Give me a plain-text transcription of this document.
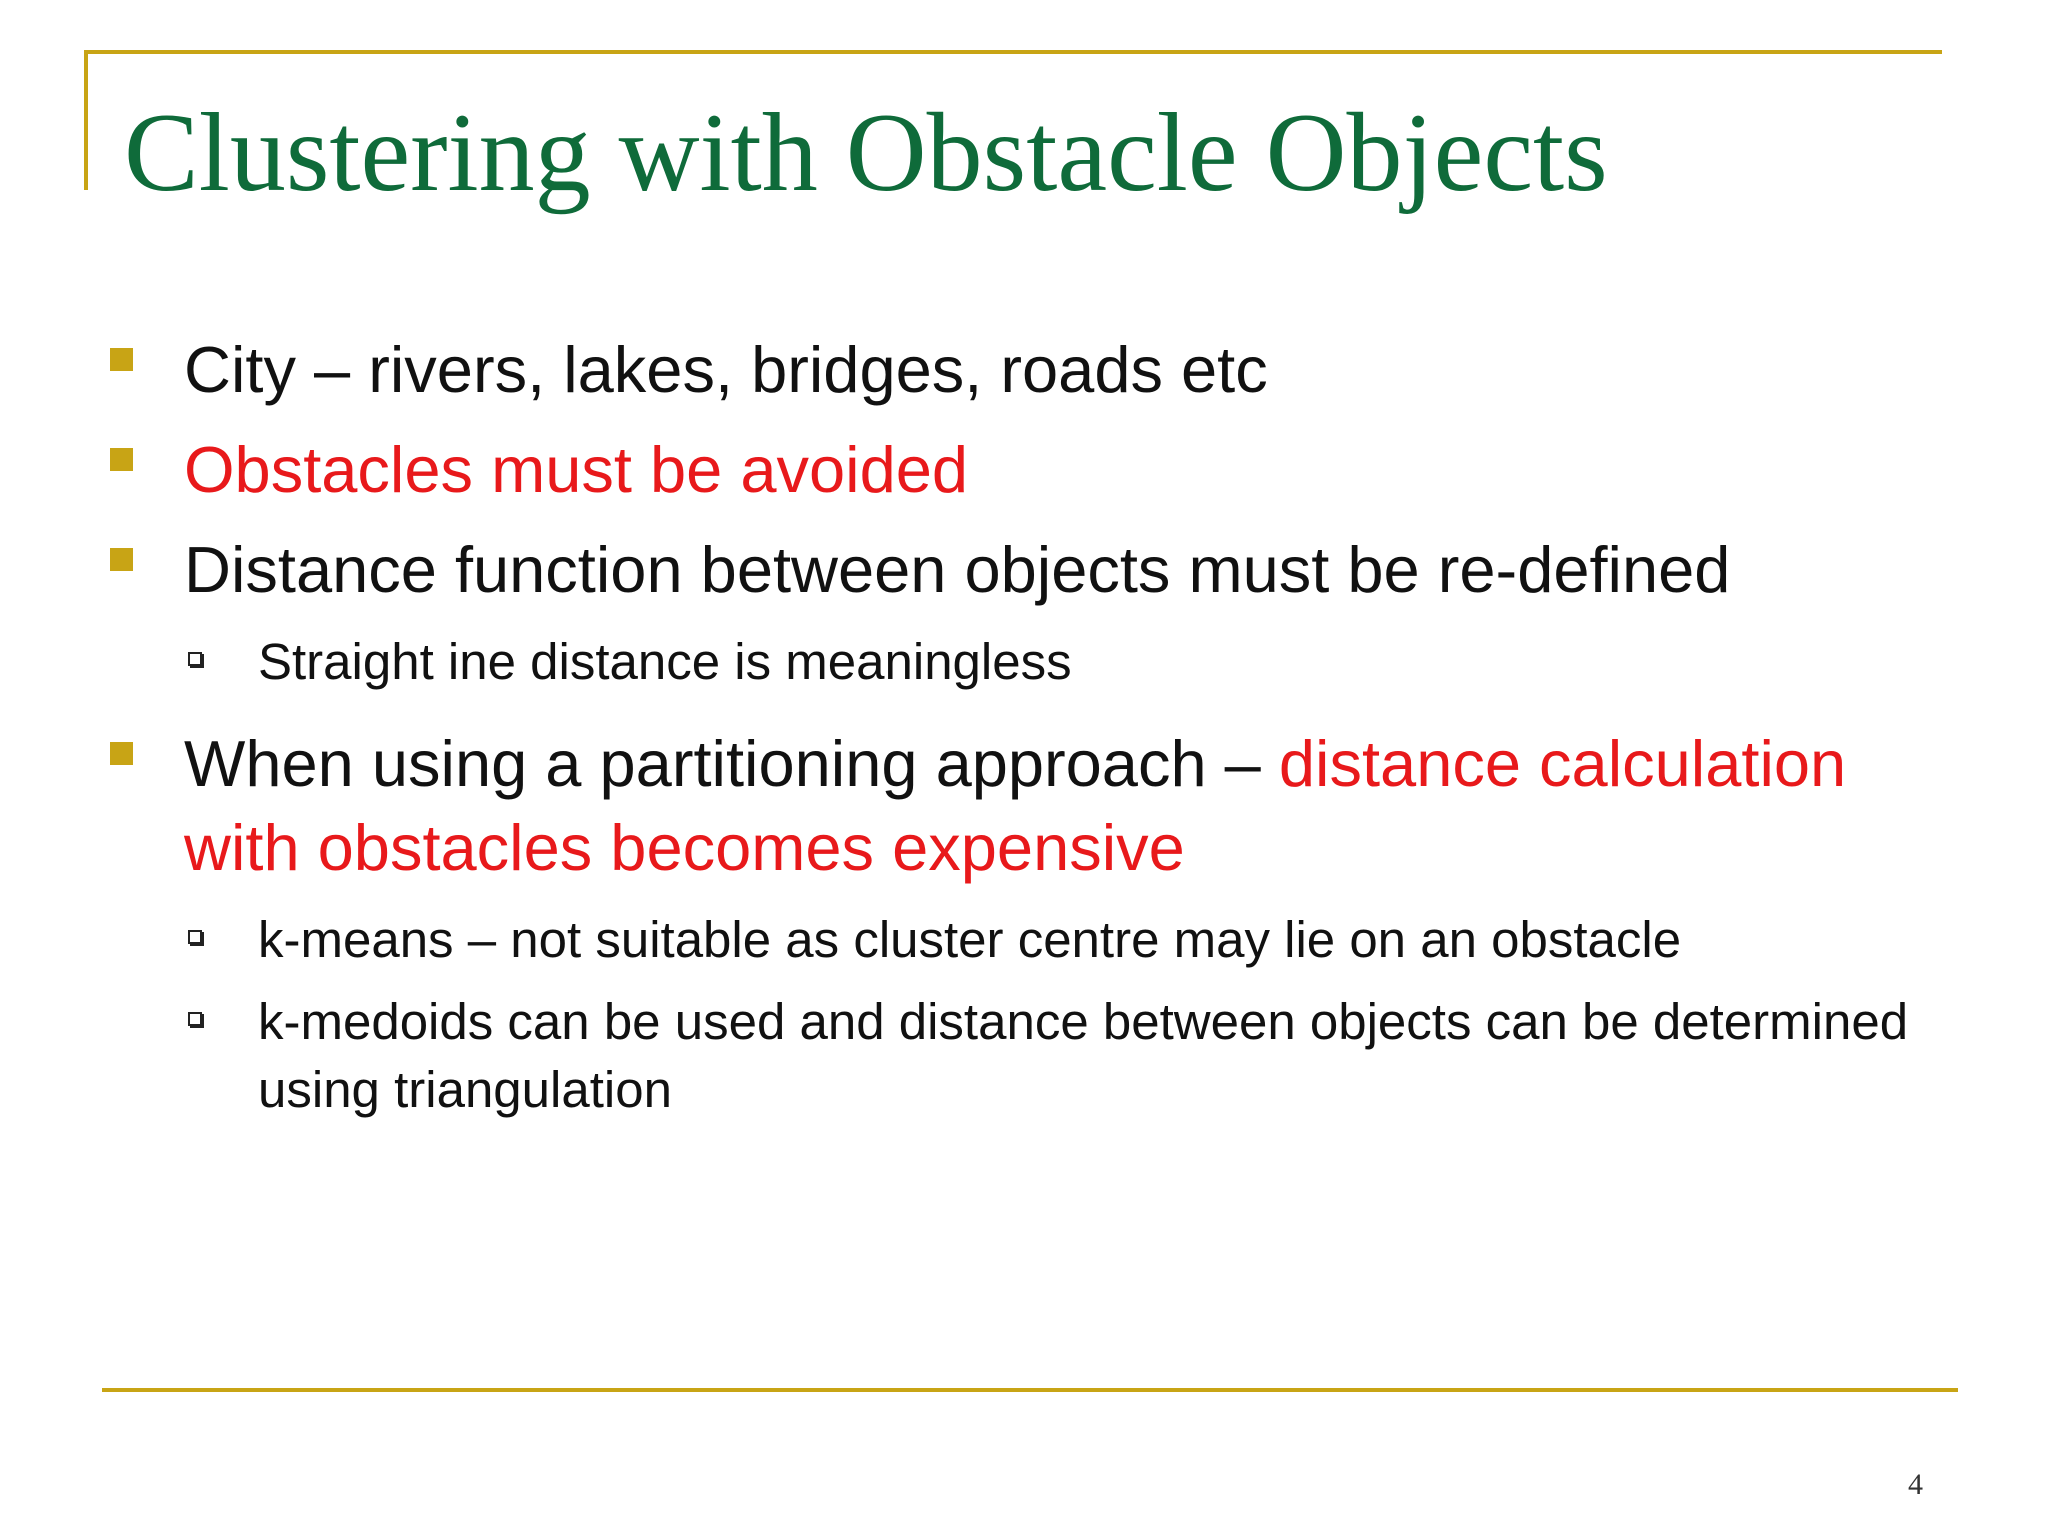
Clustering with Obstacle Objects
City – rivers, lakes, bridges, roads etc
Obstacles must be avoided
Distance function between objects must be re-defined
Straight ine distance is meaningless
When using a partitioning approach – distance calculation with obstacles becomes expensive
k-means – not suitable as cluster centre may lie on an obstacle
k-medoids can be used and distance between objects can be determined using triangulation
4
